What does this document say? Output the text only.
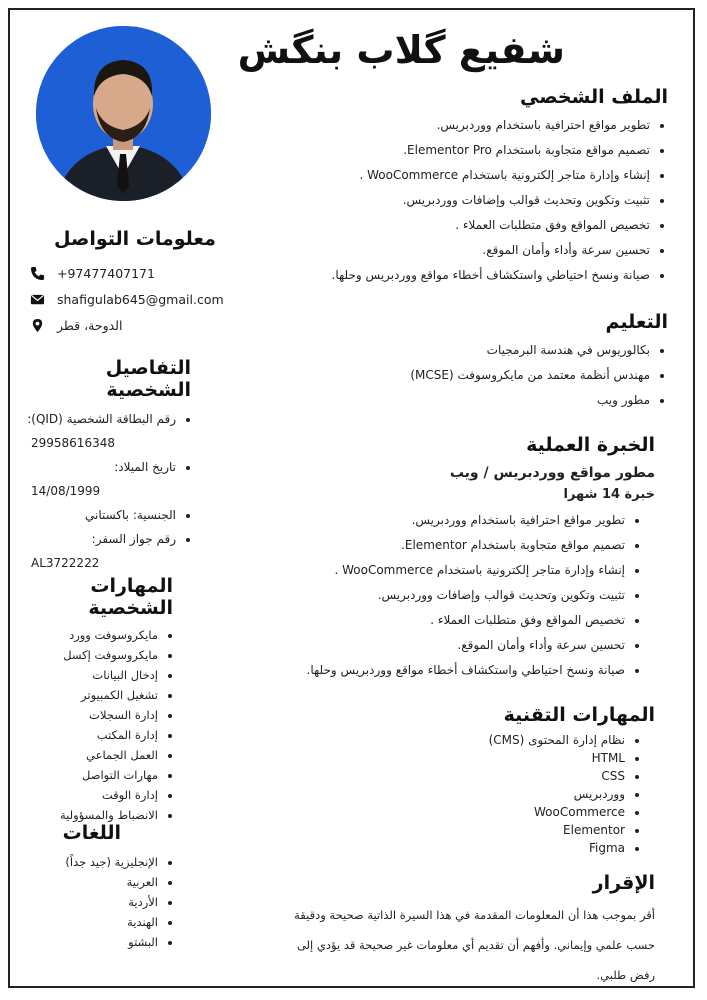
شفيع گلاب بنگش
الملف الشخصي
• تطوير مواقع احترافية باستخدام ووردبريس.
• تصميم مواقع متجاوبة باستخدام Elementor Pro.
• إنشاء وإدارة متاجر إلكترونية باستخدام WooCommerce .
• تثبيت وتكوين وتحديث قوالب وإضافات ووردبريس.
• تخصيص المواقع وفق متطلبات العملاء .
• تحسين سرعة وأداء وأمان الموقع.
• صيانة ونسخ احتياطي واستكشاف أخطاء مواقع ووردبريس وحلها.
التعليم
• بكالوريوس في هندسة البرمجيات
• مهندس أنظمة معتمد من مايكروسوفت (MCSE)
• مطور ويب
الخبرة العملية
مطور مواقع ووردبريس / ويب
خبرة 14 شهرا
• تطوير مواقع احترافية باستخدام ووردبريس.
• تصميم مواقع متجاوبة باستخدام Elementor.
• إنشاء وإدارة متاجر إلكترونية باستخدام WooCommerce .
• تثبيت وتكوين وتحديث قوالب وإضافات ووردبريس.
• تخصيص المواقع وفق متطلبات العملاء .
• تحسين سرعة وأداء وأمان الموقع.
• صيانة ونسخ احتياطي واستكشاف أخطاء مواقع ووردبريس وحلها.
المهارات التقنية
• نظام إدارة المحتوى (CMS)
• HTML
• CSS
• ووردبريس
• WooCommerce
• Elementor
• Figma
الإقرار

أقر بموجب هذا أن المعلومات المقدمة في هذا السيرة الذاتية صحيحة ودقيقة حسب علمي وإيماني. وأفهم أن تقديم أي معلومات غير صحيحة قد يؤدي إلى رفض طلبي.

معلومات التواصل
+97477407171
shafigulab645@gmail.com
الدوحة، قطر
التفاصيل الشخصية
• رقم البطاقة الشخصية (QID):
29958616348
• تاريخ الميلاد:
14/08/1999
• الجنسية: باكستاني
• رقم جواز السفر:
AL3722222
المهارات الشخصية
• مايكروسوفت وورد
• مايكروسوفت إكسل
• إدخال البيانات
• تشغيل الكمبيوتر
• إدارة السجلات
• إدارة المكتب
• العمل الجماعي
• مهارات التواصل
• إدارة الوقت
• الانضباط والمسؤولية
اللغات
• الإنجليزية (جيد جداً)
• العربية
• الأردية
• الهندية
• البشتو
